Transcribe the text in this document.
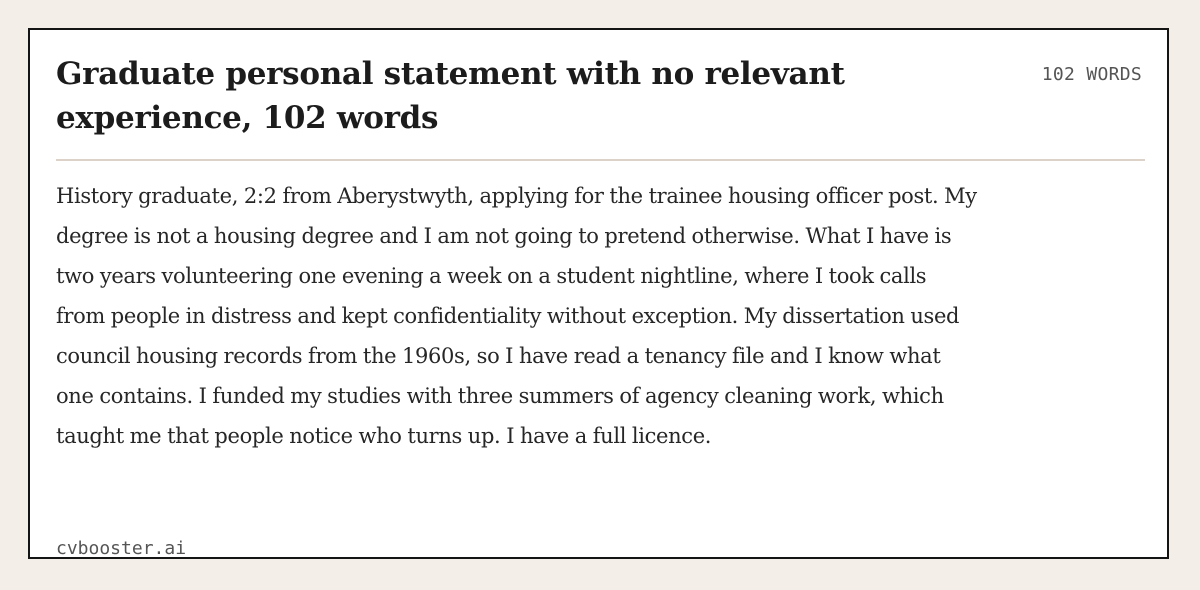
Graduate personal statement with no relevant experience, 102 words
102 WORDS

History graduate, 2:2 from Aberystwyth, applying for the trainee housing officer post. My degree is not a housing degree and I am not going to pretend otherwise. What I have is two years volunteering one evening a week on a student nightline, where I took calls from people in distress and kept confidentiality without exception. My dissertation used council housing records from the 1960s, so I have read a tenancy file and I know what one contains. I funded my studies with three summers of agency cleaning work, which taught me that people notice who turns up. I have a full licence.

cvbooster.ai
